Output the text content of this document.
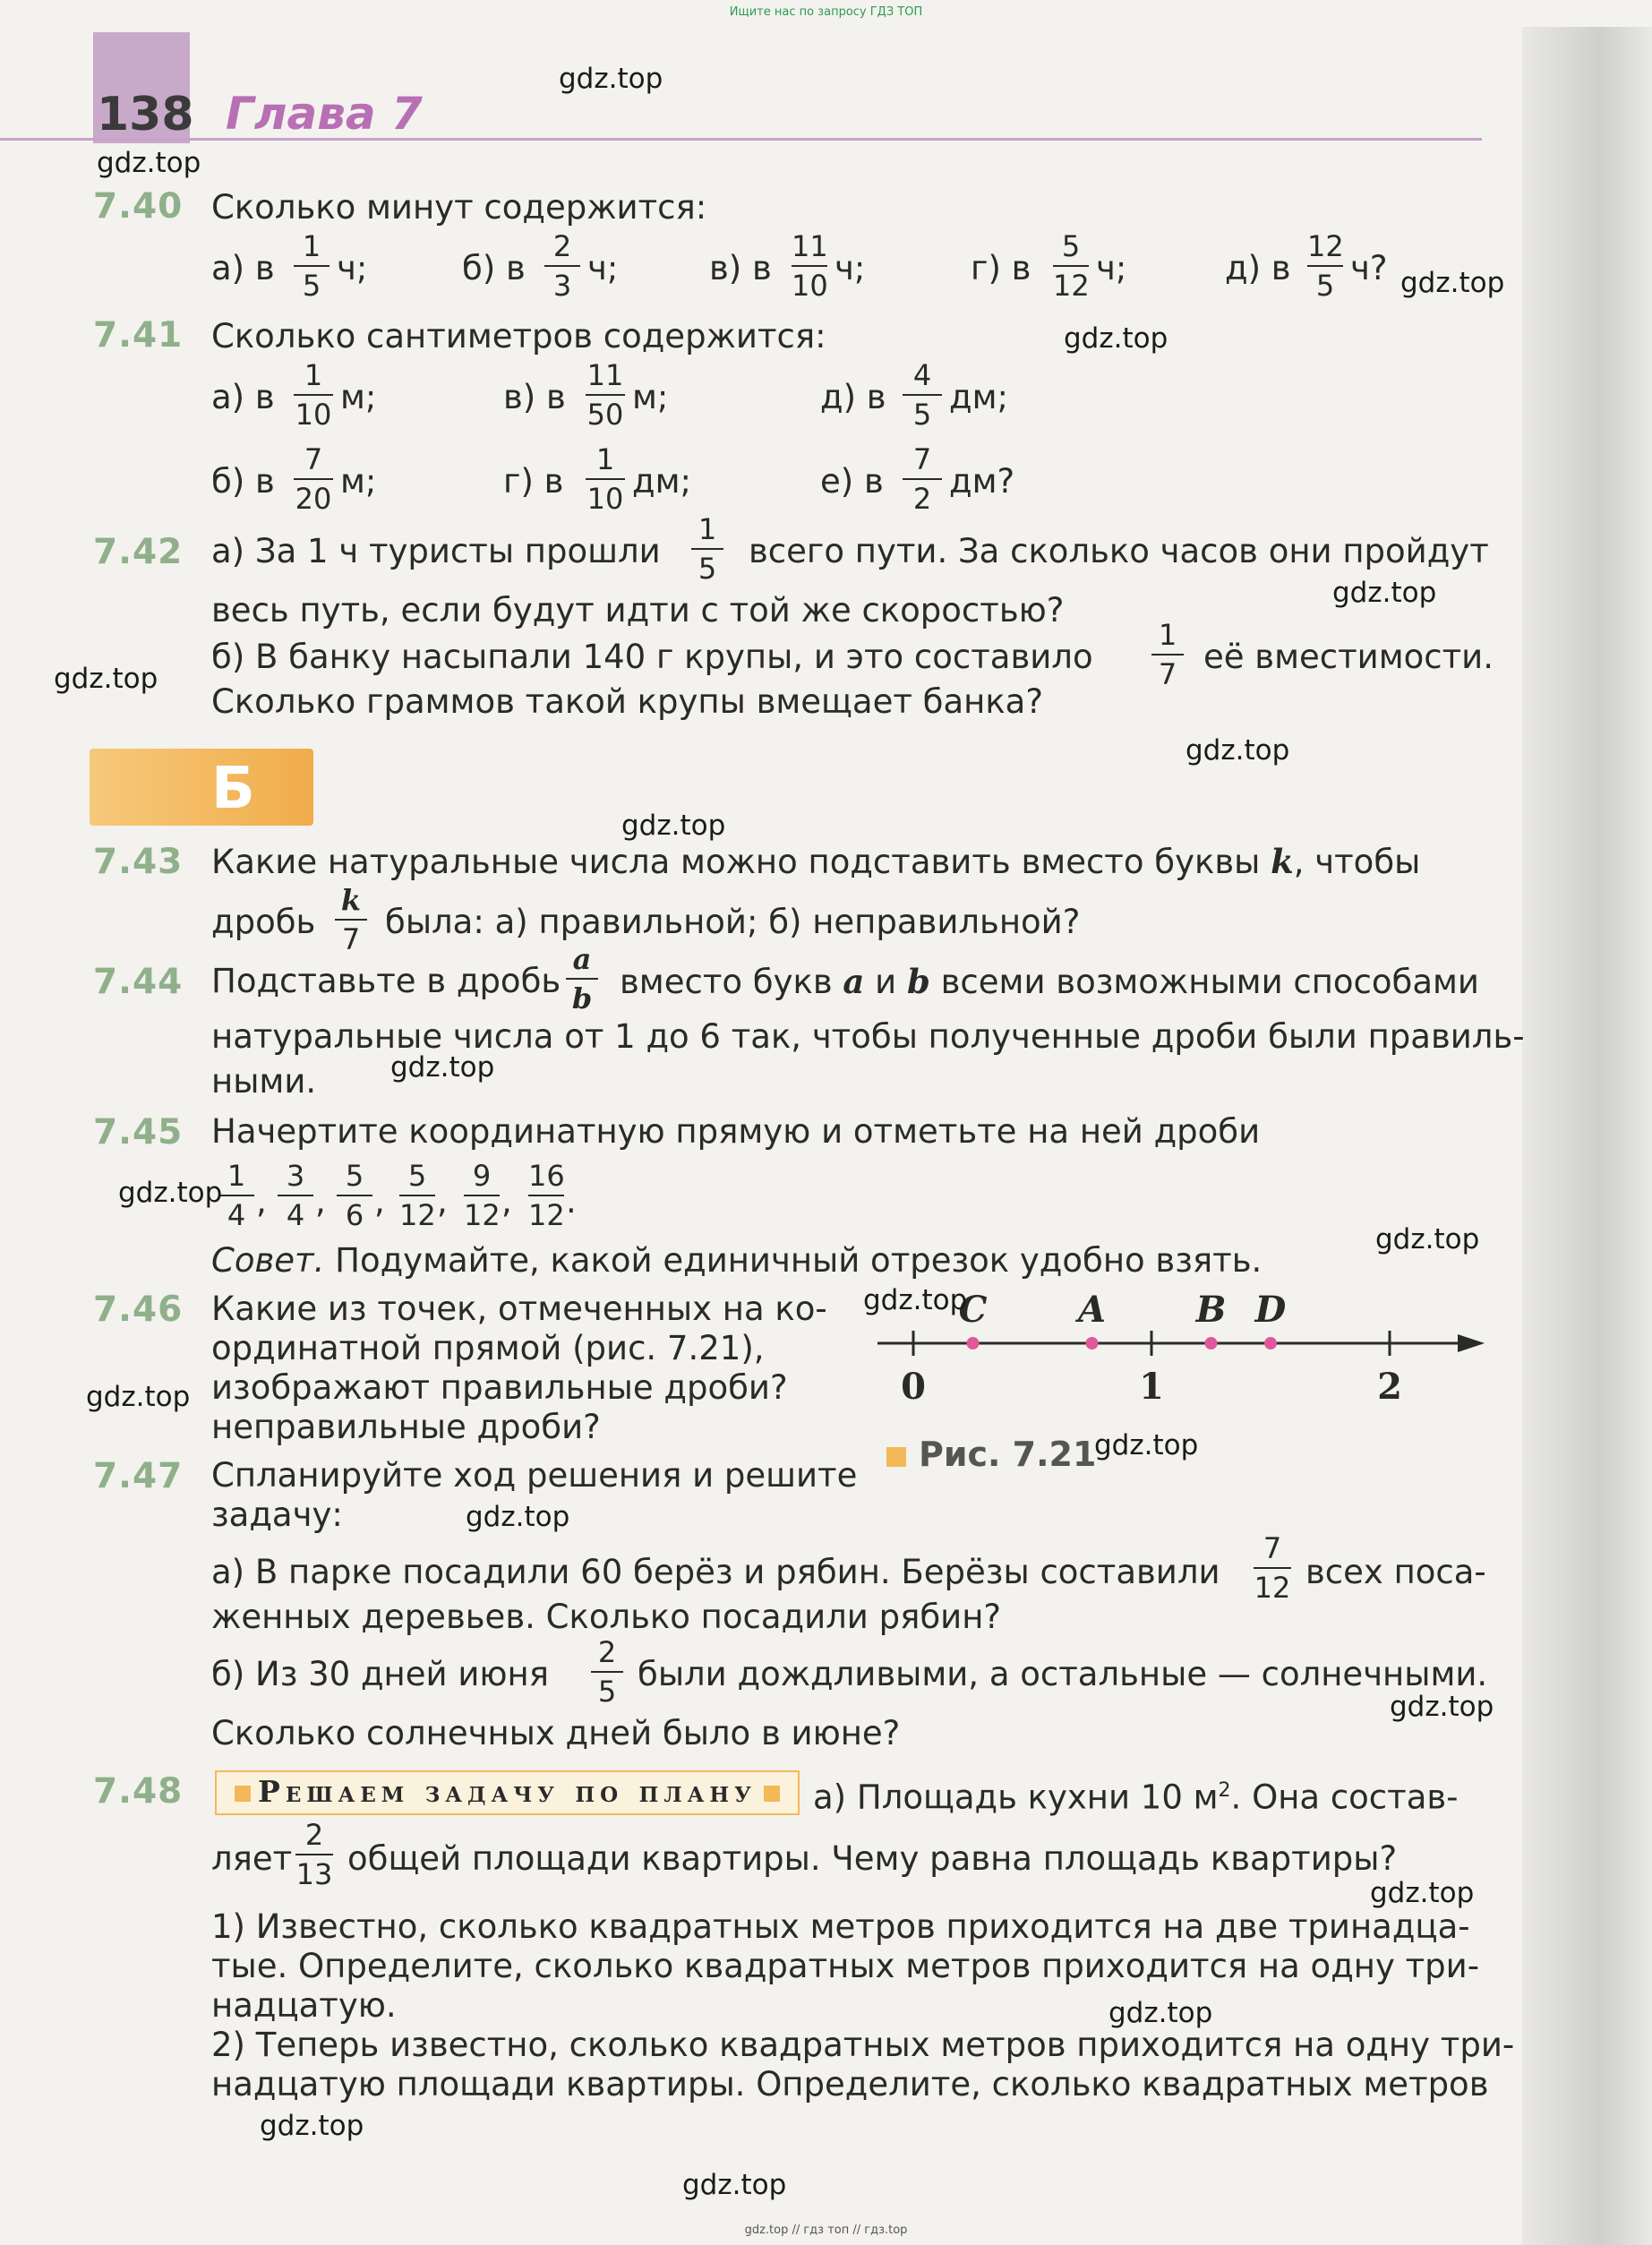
Ищите нас по запросу ГДЗ ТОП
138 Глава 7
7.40 Сколько минут содержится:
а) в
1
5 ч;	б) в
2
3 ч;	в) в
11
10 ч;	г) в
5
12 ч;	д) в
12
5 ч?
7.41 Сколько сантиметров содержится:
а) в
1
10 м;	в) в
11
50 м;	д) в
4
5 дм;
б) в
7
20 м;	г) в
1
10 дм;	е) в
7
2 дм?
7.42 а) За 1 ч туристы прошли
1
5 всего пути. За сколько часов они пройдут
весь путь, если будут идти с той же скоростью?
б) В банку насыпали 140 г крупы, и это составило
1
7 её вместимости.
Сколько граммов такой крупы вмещает банка?
Б
7.43 Какие натуральные числа можно подставить вместо буквы k, чтобы
дробь
k
7 была: а) правильной; б) неправильной?
7.44 Подставьте в дробь
a
b вместо букв a и b всеми возможными способами
натуральные числа от 1 до 6 так, чтобы полученные дроби были правиль-
ными.
7.45 Начертите координатную прямую и отметьте на ней дроби
1
4 ,
3
4 ,
5
6 ,
5
12 ,
9
12 ,
16
12 .
Совет. Подумайте, какой единичный отрезок удобно взять.
7.46 Какие из точек, отмеченных на ко-
ординатной прямой (рис. 7.21),
изображают правильные дроби?
неправильные дроби?
0	1	2
C	A	B D
Рис. 7.21
7.47 Спланируйте ход решения и решите
задачу:
а) В парке посадили 60 берёз и рябин. Берёзы составили
7
12 всех поса-
женных деревьев. Сколько посадили рябин?
б) Из 30 дней июня
2
5 были дождливыми, а остальные — солнечными.
Сколько солнечных дней было в июне?
7.48	Решаем задачу по плану	а) Площадь кухни 10 $м^2$. Она состав-
ляет
2
13 общей площади квартиры. Чему равна площадь квартиры?
1) Известно, сколько квадратных метров приходится на две тринадца-
тые. Определите, сколько квадратных метров приходится на одну три-
надцатую.
2) Теперь известно, сколько квадратных метров приходится на одну три-
надцатую площади квартиры. Определите, сколько квадратных метров
gdz.top
gdz.top
gdz.top
gdz.top
gdz.top
gdz.top
gdz.top
gdz.top
gdz.top
gdz.top
gdz.top
gdz.top
gdz.top
gdz.top
gdz.top
gdz.top
gdz.top
gdz.top
gdz.top
gdz.top
gdz.top // гдз топ // гдз.top
